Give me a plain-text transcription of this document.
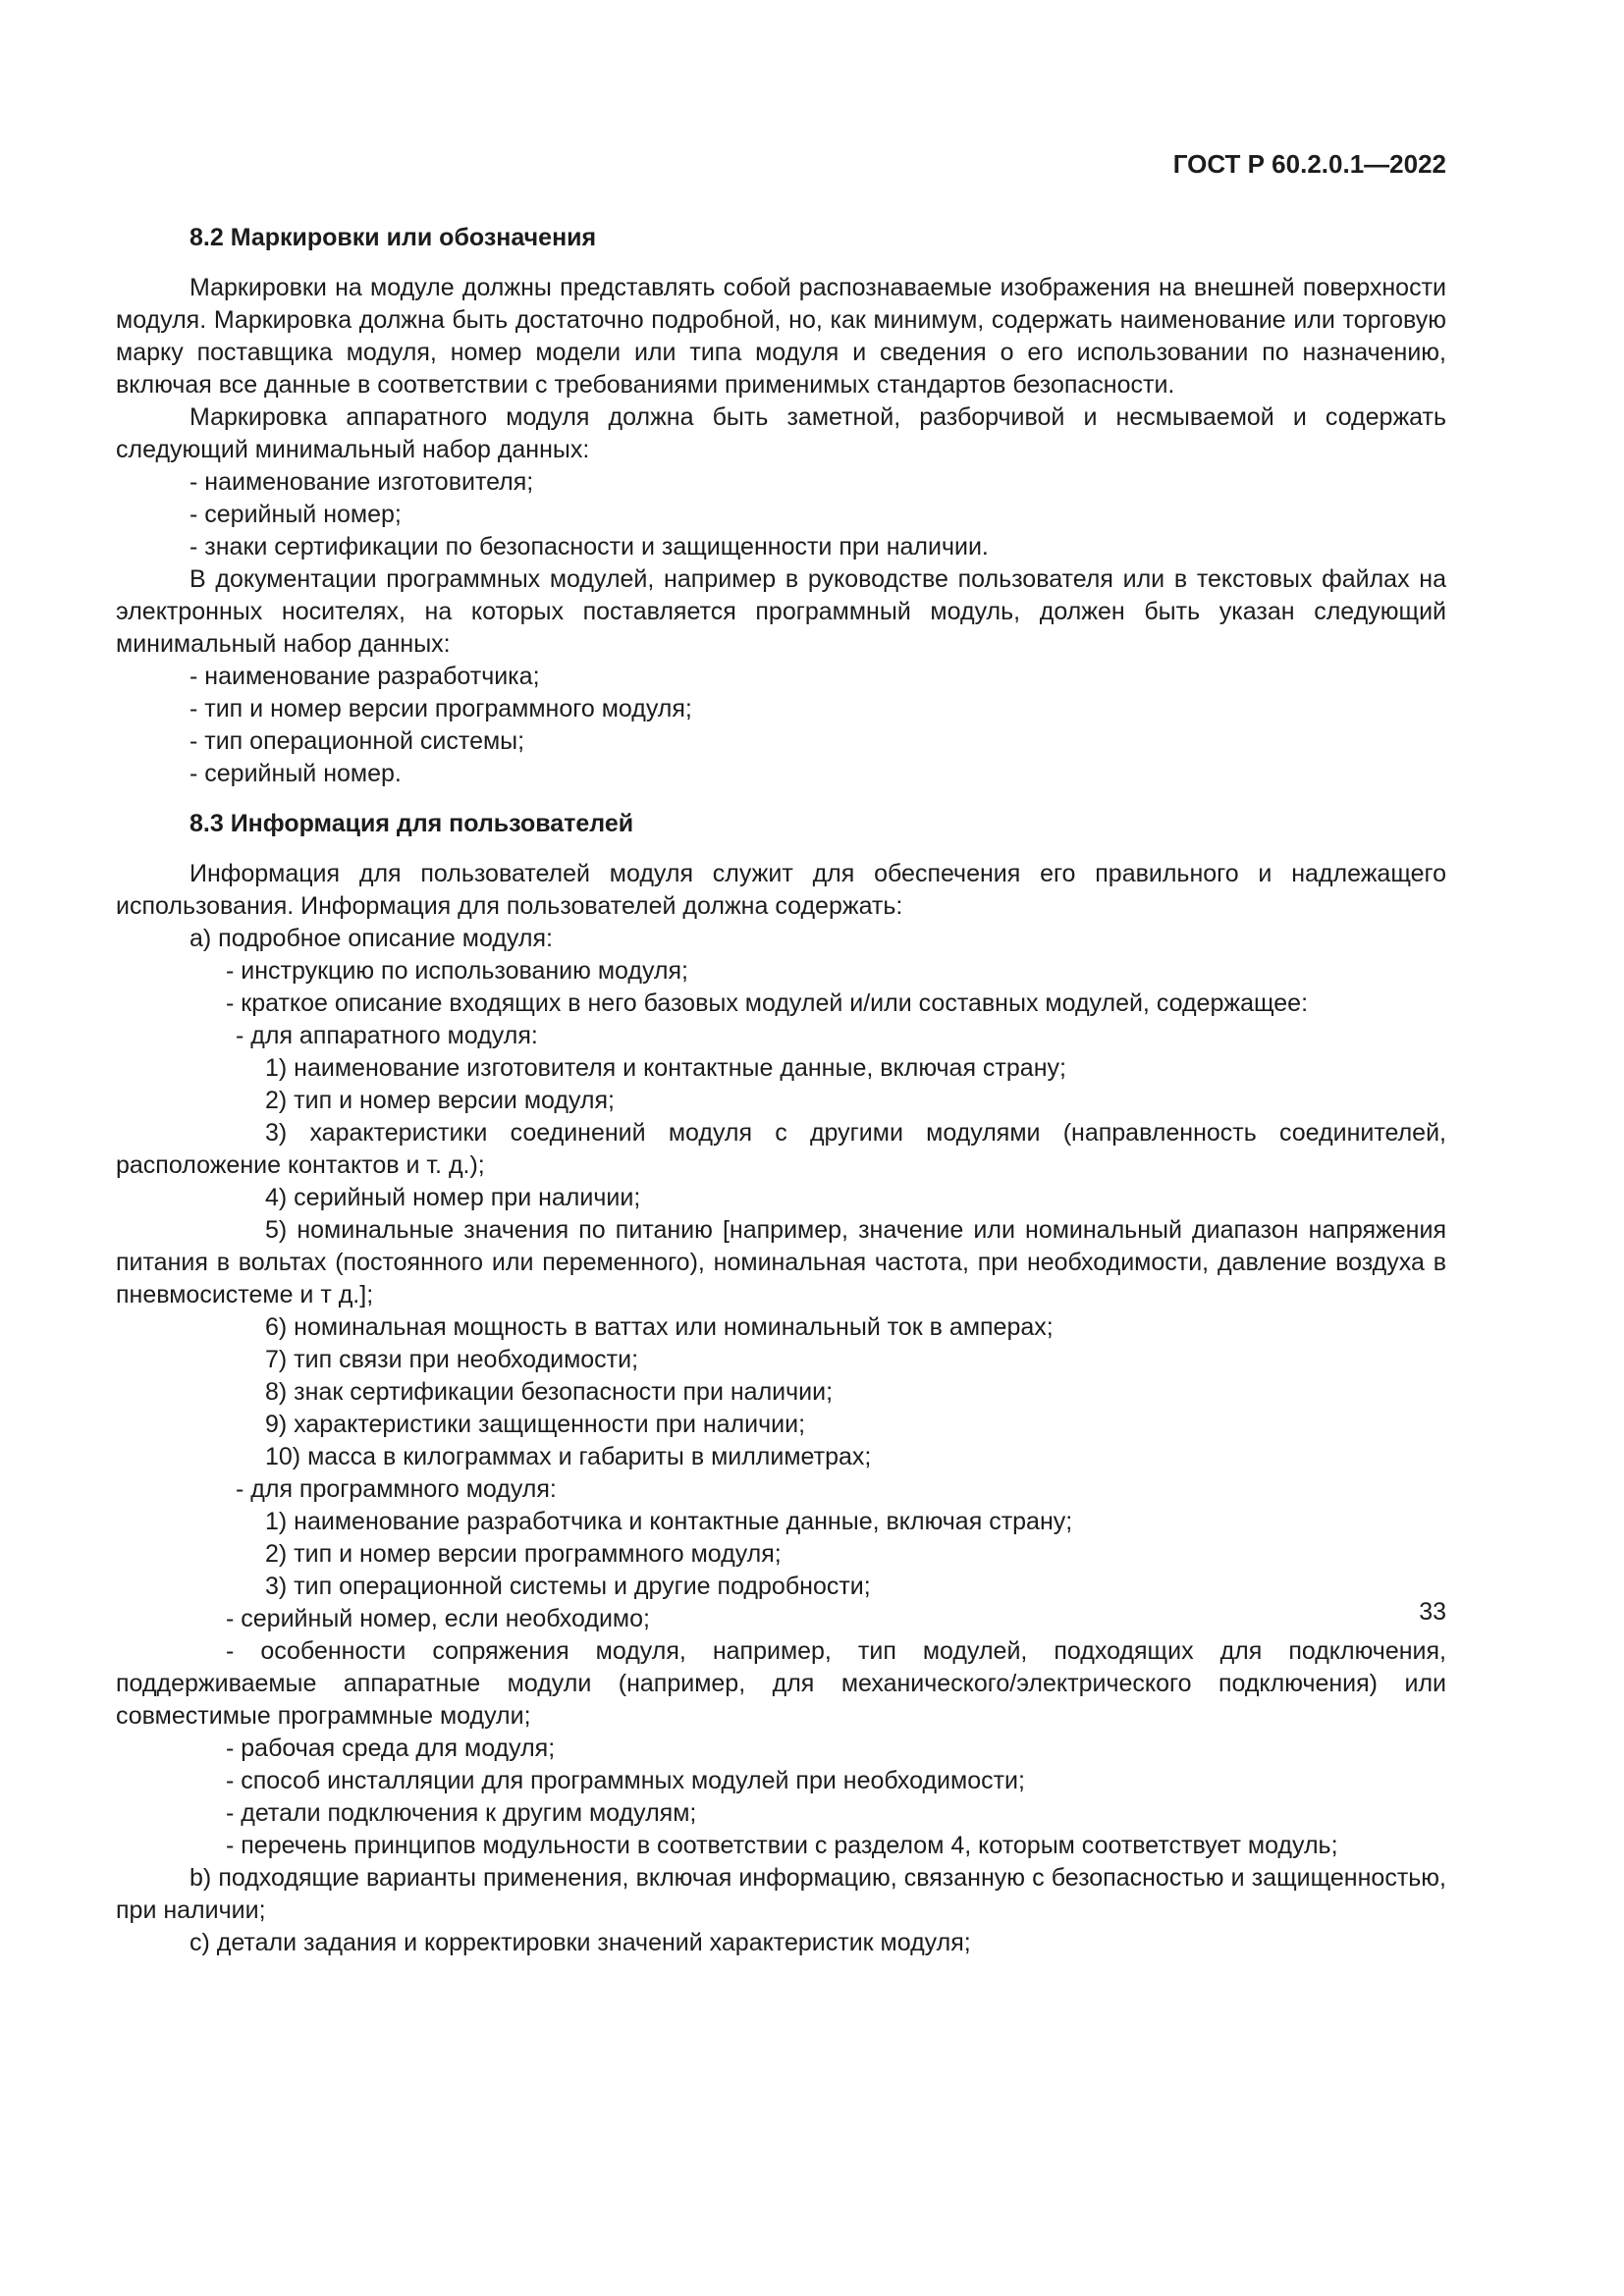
ГОСТ Р 60.2.0.1—2022

8.2 Маркировки или обозначения

Маркировки на модуле должны представлять собой распознаваемые изображения на внешней поверхности модуля. Маркировка должна быть достаточно подробной, но, как минимум, содержать наименование или торговую марку поставщика модуля, номер модели или типа модуля и сведения о его использовании по назначению, включая все данные в соответствии с требованиями применимых стандартов безопасности.

Маркировка аппаратного модуля должна быть заметной, разборчивой и несмываемой и содержать следующий минимальный набор данных:

- наименование изготовителя;

- серийный номер;

- знаки сертификации по безопасности и защищенности при наличии.

В документации программных модулей, например в руководстве пользователя или в текстовых файлах на электронных носителях, на которых поставляется программный модуль, должен быть указан следующий минимальный набор данных:

- наименование разработчика;

- тип и номер версии программного модуля;

- тип операционной системы;

- серийный номер.

8.3 Информация для пользователей

Информация для пользователей модуля служит для обеспечения его правильного и надлежащего использования. Информация для пользователей должна содержать:

а) подробное описание модуля:

- инструкцию по использованию модуля;

- краткое описание входящих в него базовых модулей и/или составных модулей, содержащее:

- для аппаратного модуля:

1) наименование изготовителя и контактные данные, включая страну;

2) тип и номер версии модуля;

3) характеристики соединений модуля с другими модулями (направленность соединителей, расположение контактов и т. д.);

4) серийный номер при наличии;

5) номинальные значения по питанию [например, значение или номинальный диапазон напряжения питания в вольтах (постоянного или переменного), номинальная частота, при необходимости, давление воздуха в пневмосистеме и т д.];

6) номинальная мощность в ваттах или номинальный ток в амперах;

7) тип связи при необходимости;

8) знак сертификации безопасности при наличии;

9) характеристики защищенности при наличии;

10) масса в килограммах и габариты в миллиметрах;

- для программного модуля:

1) наименование разработчика и контактные данные, включая страну;

2) тип и номер версии программного модуля;

3) тип операционной системы и другие подробности;

- серийный номер, если необходимо;

- особенности сопряжения модуля, например, тип модулей, подходящих для подключения, поддерживаемые аппаратные модули (например, для механического/электрического подключения) или совместимые программные модули;

- рабочая среда для модуля;

- способ инсталляции для программных модулей при необходимости;

- детали подключения к другим модулям;

- перечень принципов модульности в соответствии с разделом 4, которым соответствует модуль;

b) подходящие варианты применения, включая информацию, связанную с безопасностью и защищенностью, при наличии;

c) детали задания и корректировки значений характеристик модуля;

33
